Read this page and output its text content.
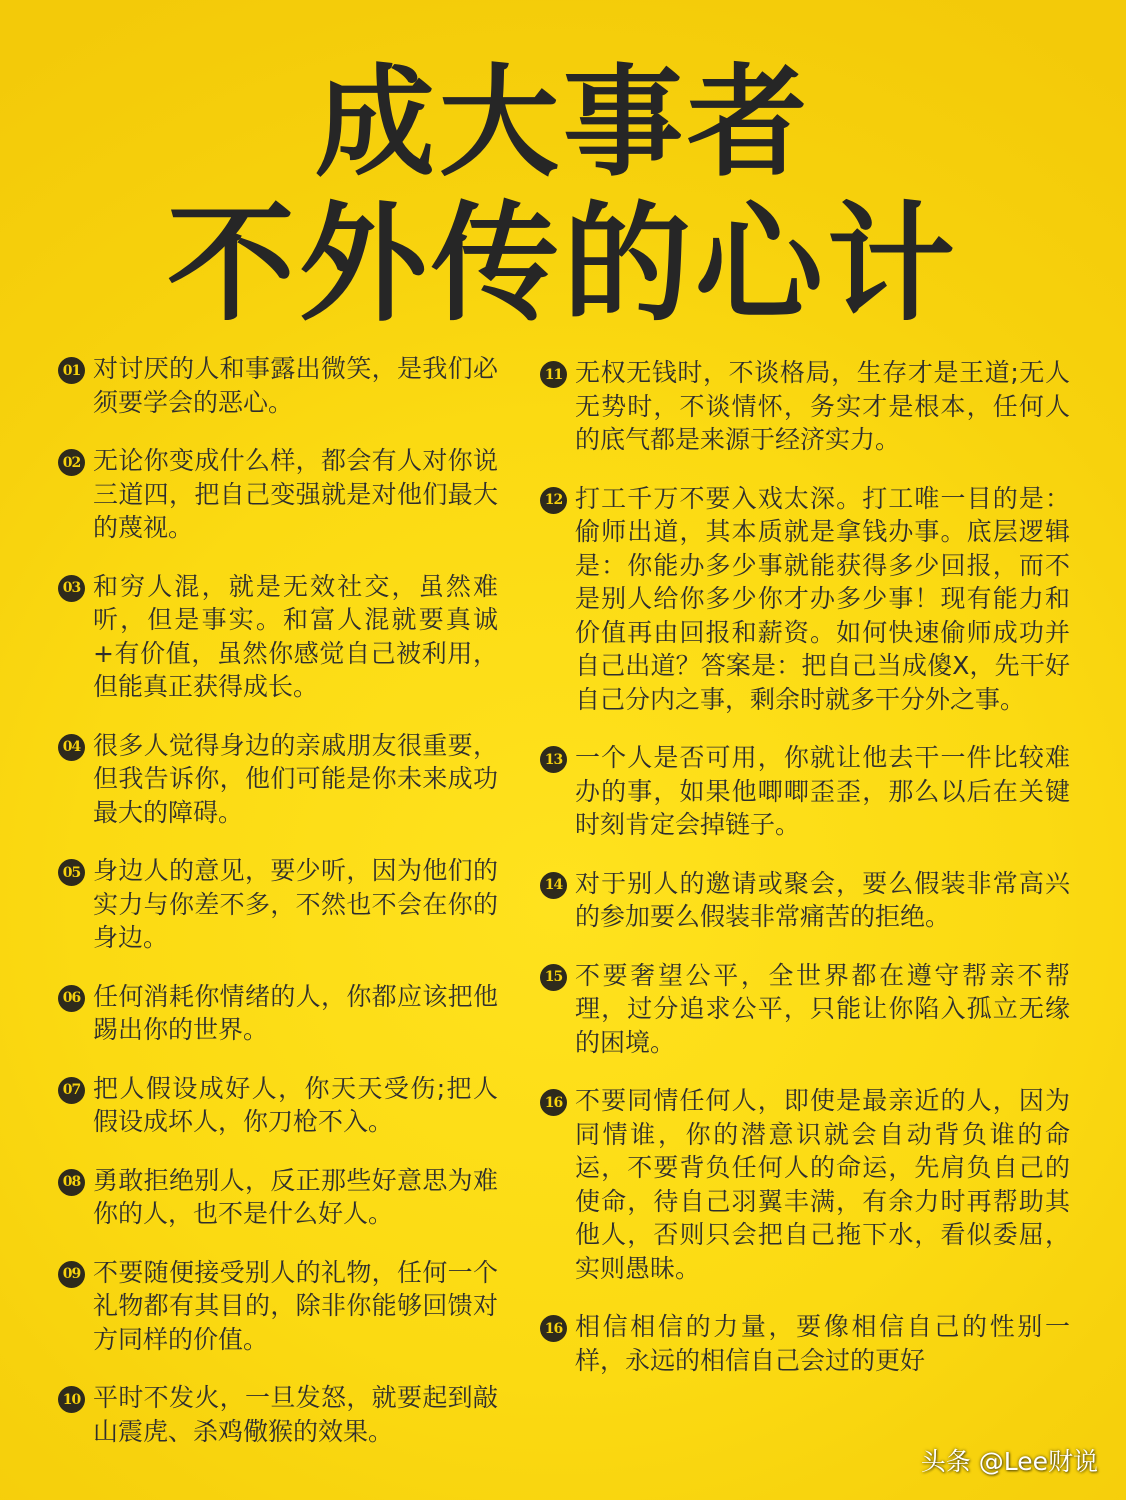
成大事者
不外传的心计
01 对讨厌的人和事露出微笑，是我们必须要学会的恶心。
02 无论你变成什么样，都会有人对你说三道四，把自己变强就是对他们最大的蔑视。
03 和穷人混，就是无效社交，虽然难听，但是事实。和富人混就要真诚+有价值，虽然你感觉自己被利用，但能真正获得成长。
04 很多人觉得身边的亲戚朋友很重要，但我告诉你，他们可能是你未来成功最大的障碍。
05 身边人的意见，要少听，因为他们的实力与你差不多，不然也不会在你的身边。
06 任何消耗你情绪的人，你都应该把他踢出你的世界。
07 把人假设成好人，你天天受伤;把人假设成坏人，你刀枪不入。
08 勇敢拒绝别人，反正那些好意思为难你的人，也不是什么好人。
09 不要随便接受别人的礼物，任何一个礼物都有其目的，除非你能够回馈对方同样的价值。
10 平时不发火，一旦发怒，就要起到敲山震虎、杀鸡儆猴的效果。
11 无权无钱时，不谈格局，生存才是王道;无人无势时，不谈情怀，务实才是根本，任何人的底气都是来源于经济实力。
12 打工千万不要入戏太深。打工唯一目的是：偷师出道，其本质就是拿钱办事。底层逻辑是：你能办多少事就能获得多少回报，而不是别人给你多少你才办多少事！现有能力和价值再由回报和薪资。如何快速偷师成功并自己出道？答案是：把自己当成傻X，先干好自己分内之事，剩余时就多干分外之事。
13 一个人是否可用，你就让他去干一件比较难办的事，如果他唧唧歪歪，那么以后在关键时刻肯定会掉链子。
14 对于别人的邀请或聚会，要么假装非常高兴的参加要么假装非常痛苦的拒绝。
15 不要奢望公平，全世界都在遵守帮亲不帮理，过分追求公平，只能让你陷入孤立无缘的困境。
16 不要同情任何人，即使是最亲近的人，因为同情谁，你的潜意识就会自动背负谁的命运，不要背负任何人的命运，先肩负自己的使命，待自己羽翼丰满，有余力时再帮助其他人，否则只会把自己拖下水，看似委屈，实则愚昧。
16 相信相信的力量，要像相信自己的性别一样，永远的相信自己会过的更好
头条 @Lee财说
